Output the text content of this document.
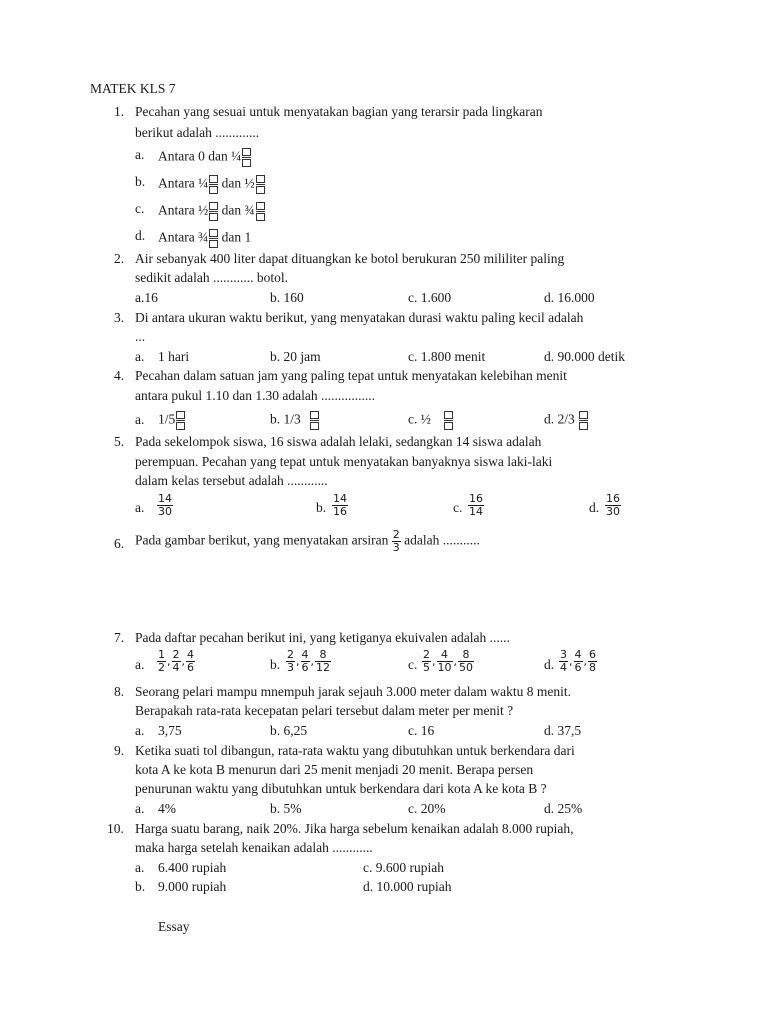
MATEK KLS 7
1. Pecahan yang sesuai untuk menyatakan bagian yang terarsir pada lingkaran
berikut adalah .............
a. Antara 0 dan ¼
b. Antara ¼ dan ½
c. Antara ½ dan ¾
d. Antara ¾ dan 1
2. Air sebanyak 400 liter dapat dituangkan ke botol berukuran 250 mililiter paling
sedikit adalah ............ botol.
a.16	b. 160	c. 1.600	d. 16.000
3. Di antara ukuran waktu berikut, yang menyatakan durasi waktu paling kecil adalah
...
a. 1 hari	b. 20 jam	c. 1.800 menit	d. 90.000 detik
4. Pecahan dalam satuan jam yang paling tepat untuk menyatakan kelebihan menit
antara pukul 1.10 dan 1.30 adalah ................
a. 1/5	b. 1/3	c. ½	d. 2/3
5. Pada sekelompok siswa, 16 siswa adalah lelaki, sedangkan 14 siswa adalah
perempuan. Pecahan yang tepat untuk menyatakan banyaknya siswa laki-laki
dalam kelas tersebut adalah ............
a. $\frac{14}{30}$	b. $\frac{14}{16}$	c. $\frac{16}{14}$	d. $\frac{16}{30}$
6. Pada gambar berikut, yang menyatakan arsiran $\frac{2}{3}$ adalah ...........
7. Pada daftar pecahan berikut ini, yang ketiganya ekuivalen adalah ......
a. $\frac{1}{2}$ , $\frac{2}{4}$ , $\frac{4}{6}$	b. $\frac{2}{3}$ , $\frac{4}{6}$ , $\frac{8}{12}$	c. $\frac{2}{5}$ , $\frac{4}{10}$ , $\frac{8}{50}$	d. $\frac{3}{4}$ , $\frac{4}{6}$ , $\frac{6}{8}$
8. Seorang pelari mampu mnempuh jarak sejauh 3.000 meter dalam waktu 8 menit.
Berapakah rata-rata kecepatan pelari tersebut dalam meter per menit ?
a. 3,75	b. 6,25	c. 16	d. 37,5
9. Ketika suati tol dibangun, rata-rata waktu yang dibutuhkan untuk berkendara dari
kota A ke kota B menurun dari 25 menit menjadi 20 menit. Berapa persen
penurunan waktu yang dibutuhkan untuk berkendara dari kota A ke kota B ?
a. 4%	b. 5%	c. 20%	d. 25%
10. Harga suatu barang, naik 20%. Jika harga sebelum kenaikan adalah 8.000 rupiah,
maka harga setelah kenaikan adalah ............
a. 6.400 rupiah	c. 9.600 rupiah
b. 9.000 rupiah	d. 10.000 rupiah
Essay
